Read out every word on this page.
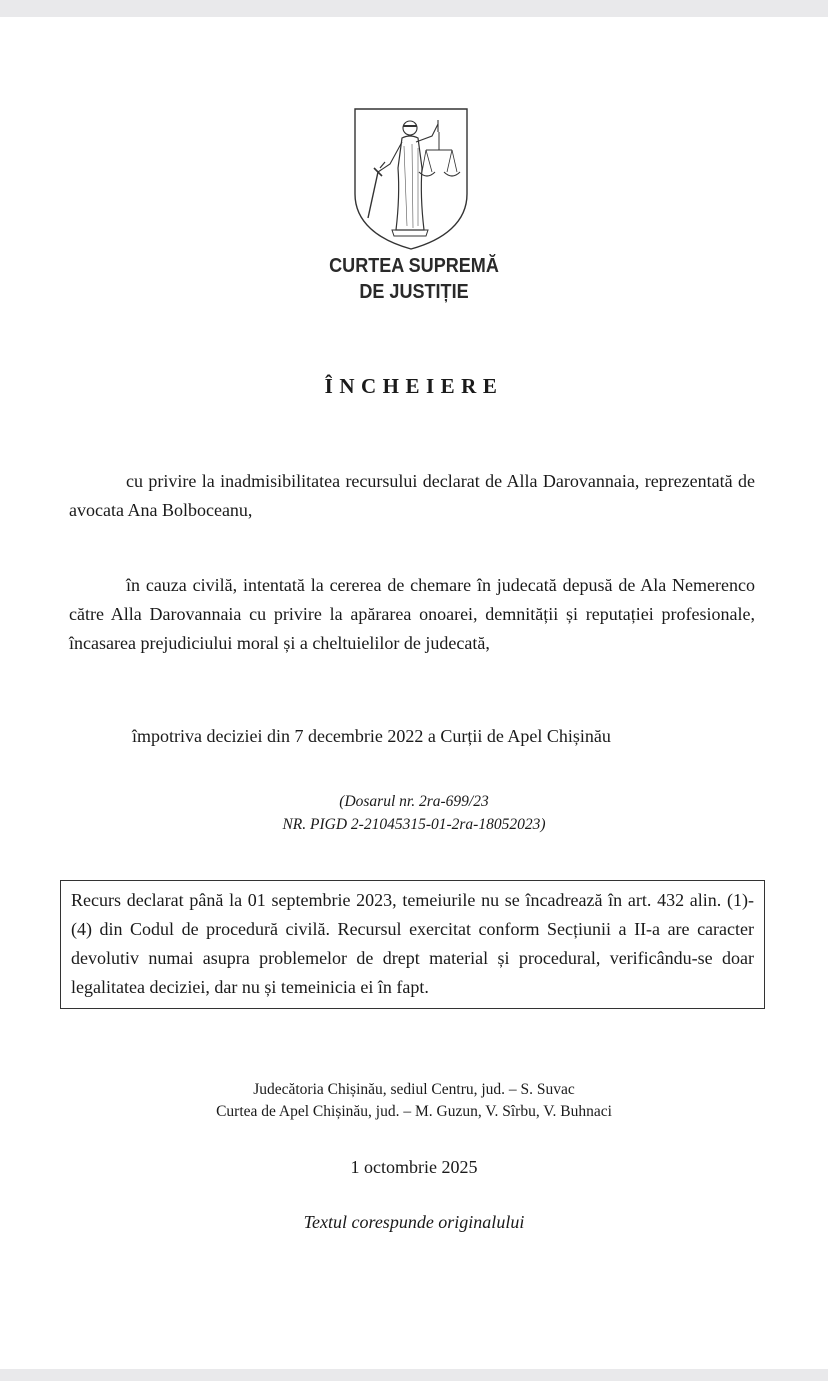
CURTEA SUPREMĂ
DE JUSTIȚIE
ÎNCHEIERE
cu privire la inadmisibilitatea recursului declarat de Alla Darovannaia, reprezentată de avocata Ana Bolboceanu,
în cauza civilă, intentată la cererea de chemare în judecată depusă de Ala Nemerenco către Alla Darovannaia cu privire la apărarea onoarei, demnității și reputației profesionale, încasarea prejudiciului moral și a cheltuielilor de judecată,
împotriva deciziei din 7 decembrie 2022 a Curții de Apel Chișinău
(Dosarul nr. 2ra-699/23
NR. PIGD 2-21045315-01-2ra-18052023)
Recurs declarat până la 01 septembrie 2023, temeiurile nu se încadrează în art. 432 alin. (1)-(4) din Codul de procedură civilă. Recursul exercitat conform Secțiunii a II-a are caracter devolutiv numai asupra problemelor de drept material și procedural, verificându-se doar legalitatea deciziei, dar nu și temeinicia ei în fapt.
Judecătoria Chișinău, sediul Centru, jud. – S. Suvac
Curtea de Apel Chișinău, jud. – M. Guzun, V. Sîrbu, V. Buhnaci
1 octombrie 2025
Textul corespunde originalului
